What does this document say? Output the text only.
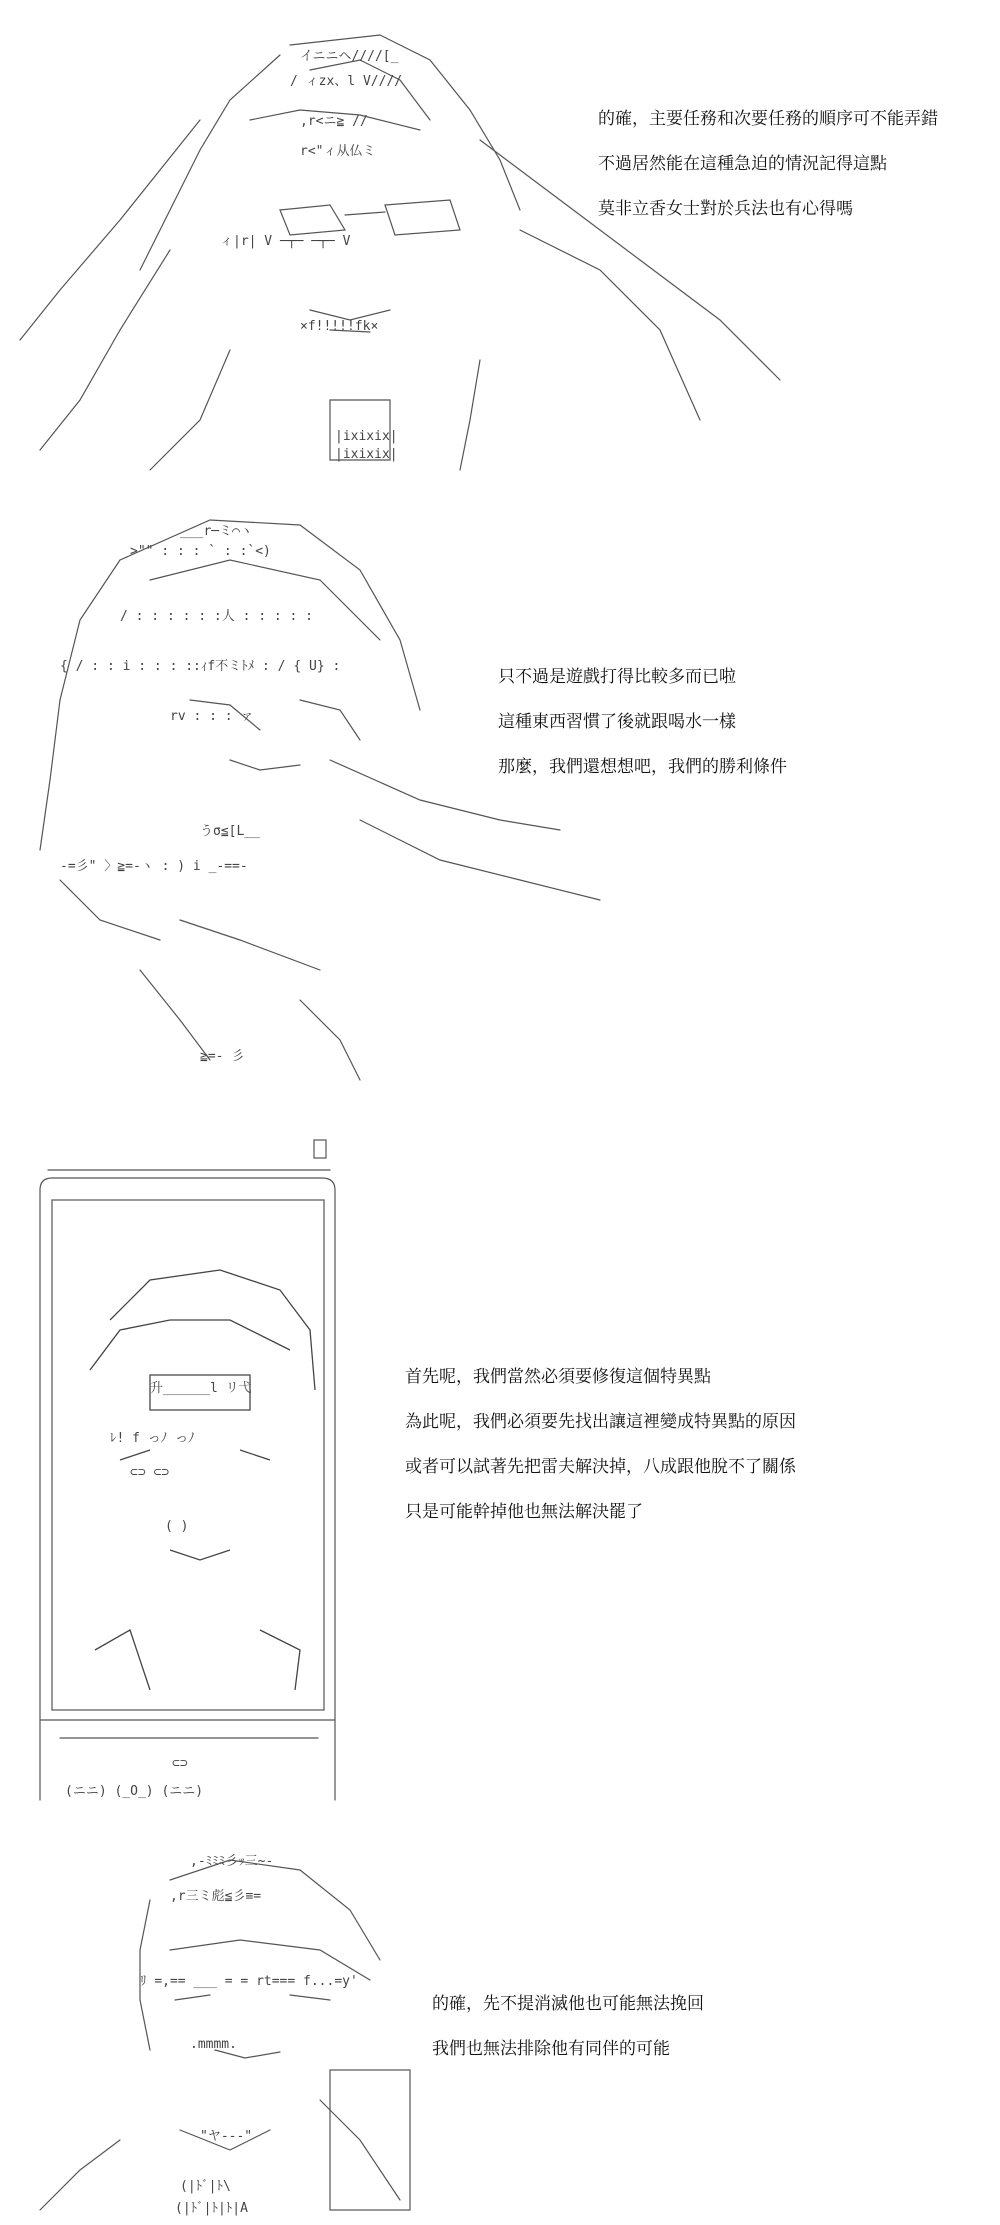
イニニヘ////[_
/ ィzx、l V////
,r<ニ≧ //
r<"ィ从仏ミ
ィ|r| V ─┬─ ─┬─ V
×f!!!!!fk×
|ixixix|
|ixixix|
的確，主要任務和次要任務的順序可不能弄錯
不過居然能在這種急迫的情況記得這點
莫非立香女士對於兵法也有心得嗎
___r─ミ⌒ヽ
>"" : : : ` : :`<)
/ : : : : : :人 : : : : :
{ / : : i : : : ::ｨf不ミﾄﾒ : / { U} :
rv : : : ァ
うσ≦[L__
-=彡" 〉≧=-ヽ : ) i _-==-
≧=- 彡
只不過是遊戲打得比較多而已啦
這種東西習慣了後就跟喝水一樣
那麼，我們還想想吧，我們的勝利條件
升______l リ弋
ﾚ! f っﾉ っﾉ
⊂⊃ ⊂⊃
( )
⊂⊃
(ニニ) (_O_) (ニニ)
首先呢，我們當然必須要修復這個特異點
為此呢，我們必須要先找出讓這裡變成特異點的原因
或者可以試著先把雷夫解決掉，八成跟他脫不了關係
只是可能幹掉他也無法解決罷了
,-ﾐﾐﾐ彡ｯ三~-
,r三ミ彪≦彡≡=
ﾘ =,== ___ = = rt=== f...=y'
.mmmm.
"ヤ---"
(|ﾄﾞ|ﾄ\
(|ﾄﾞ|ﾄ|ﾄ|A
的確，先不提消滅他也可能無法挽回
我們也無法排除他有同伴的可能
